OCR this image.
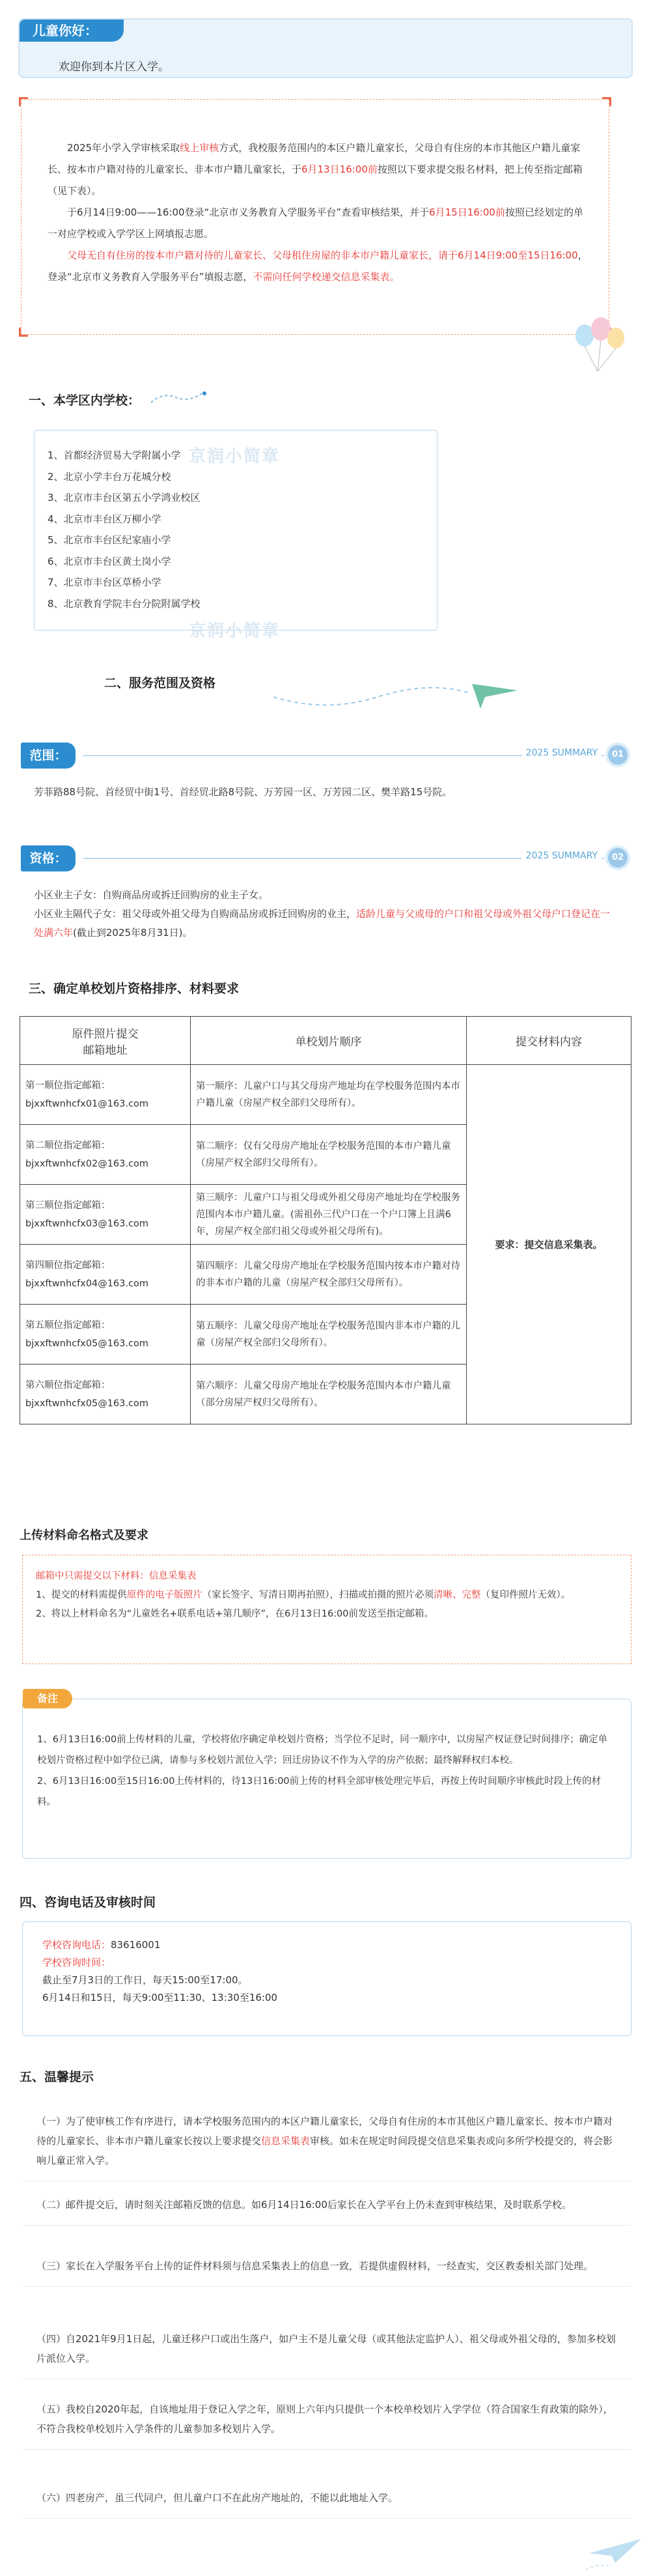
儿童你好：
欢迎你到本片区入学。

2025年小学入学审核采取线上审核方式，我校服务范围内的本区户籍儿童家长，父母自有住房的本市其他区户籍儿童家长、按本市户籍对待的儿童家长、非本市户籍儿童家长，于6月13日16:00前按照以下要求提交报名材料，把上传至指定邮箱（见下表）。

于6月14日9:00——16:00登录“北京市义务教育入学服务平台”查看审核结果，并于6月15日16:00前按照已经划定的单一对应学校或入学学区上网填报志愿。

父母无自有住房的按本市户籍对待的儿童家长、父母租住房屋的非本市户籍儿童家长，请于6月14日9:00至15日16:00，登录“北京市义务教育入学服务平台”填报志愿，不需向任何学校递交信息采集表。

一、本学区内学校：
1、首都经济贸易大学附属小学
2、北京小学丰台万花城分校
3、北京市丰台区第五小学鸿业校区
4、北京市丰台区万柳小学
5、北京市丰台区纪家庙小学
6、北京市丰台区黄土岗小学
7、北京市丰台区草桥小学
8、北京教育学院丰台分院附属学校
京润小简章
京润小简章
二、服务范围及资格
范围：	2025 SUMMARY	01
芳菲路88号院、首经贸中街1号、首经贸北路8号院、万芳园一区、万芳园二区、樊羊路15号院。
资格：	2025 SUMMARY	02
小区业主子女：自购商品房或拆迁回购房的业主子女。
小区业主隔代子女：祖父母或外祖父母为自购商品房或拆迁回购房的业主，适龄儿童与父或母的户口和祖父母或外祖父母户口登记在一处满六年(截止到2025年8月31日)。
三、确定单校划片资格排序、材料要求
原件照片提交
邮箱地址	单校划片顺序	提交材料内容
第一顺位指定邮箱：bjxxftwnhcfx01@163.com	第一顺序：儿童户口与其父母房产地址均在学校服务范围内本市户籍儿童（房屋产权全部归父母所有）。	要求：提交信息采集表。
第二顺位指定邮箱：bjxxftwnhcfx02@163.com	第二顺序：仅有父母房产地址在学校服务范围的本市户籍儿童（房屋产权全部归父母所有）。	
第三顺位指定邮箱：bjxxftwnhcfx03@163.com	第三顺序：儿童户口与祖父母或外祖父母房产地址均在学校服务范围内本市户籍儿童。(需祖孙三代户口在一个户口簿上且满6年，房屋产权全部归祖父母或外祖父母所有)。	
第四顺位指定邮箱：bjxxftwnhcfx04@163.com	第四顺序：儿童父母房产地址在学校服务范围内按本市户籍对待的非本市户籍的儿童（房屋产权全部归父母所有）。	
第五顺位指定邮箱：bjxxftwnhcfx05@163.com	第五顺序：儿童父母房产地址在学校服务范围内非本市户籍的儿童（房屋产权全部归父母所有）。	
第六顺位指定邮箱：bjxxftwnhcfx05@163.com	第六顺序：儿童父母房产地址在学校服务范围内本市户籍儿童（部分房屋产权归父母所有）。	
上传材料命名格式及要求
邮箱中只需提交以下材料：信息采集表
1、提交的材料需提供原件的电子版照片（家长签字、写清日期再拍照），扫描或拍摄的照片必须清晰、完整（复印件照片无效）。
2、将以上材料命名为“儿童姓名+联系电话+第几顺序”，在6月13日16:00前发送至指定邮箱。
备注
1、6月13日16:00前上传材料的儿童，学校将依序确定单校划片资格；当学位不足时，同一顺序中，以房屋产权证登记时间排序；确定单校划片资格过程中如学位已满，请参与多校划片派位入学；回迁房协议不作为入学的房产依据；最终解释权归本校。
2、6月13日16:00至15日16:00上传材料的，待13日16:00前上传的材料全部审核处理完毕后，再按上传时间顺序审核此时段上传的材料。
四、咨询电话及审核时间
学校咨询电话：83616001
学校咨询时间：
截止至7月3日的工作日，每天15:00至17:00。
6月14日和15日，每天9:00至11:30、13:30至16:00
五、温馨提示
（一）为了使审核工作有序进行，请本学校服务范围内的本区户籍儿童家长，父母自有住房的本市其他区户籍儿童家长、按本市户籍对待的儿童家长、非本市户籍儿童家长按以上要求提交信息采集表审核。如未在规定时间段提交信息采集表或向多所学校提交的，将会影响儿童正常入学。
（二）邮件提交后，请时刻关注邮箱反馈的信息。如6月14日16:00后家长在入学平台上仍未查到审核结果，及时联系学校。
（三）家长在入学服务平台上传的证件材料须与信息采集表上的信息一致，若提供虚假材料，一经查实，交区教委相关部门处理。
（四）自2021年9月1日起，儿童迁移户口或出生落户，如户主不是儿童父母（或其他法定监护人）、祖父母或外祖父母的，参加多校划片派位入学。
（五）我校自2020年起，自该地址用于登记入学之年，原则上六年内只提供一个本校单校划片入学学位（符合国家生育政策的除外），不符合我校单校划片入学条件的儿童参加多校划片入学。
（六）四老房产，虽三代同户，但儿童户口不在此房产地址的，不能以此地址入学。
